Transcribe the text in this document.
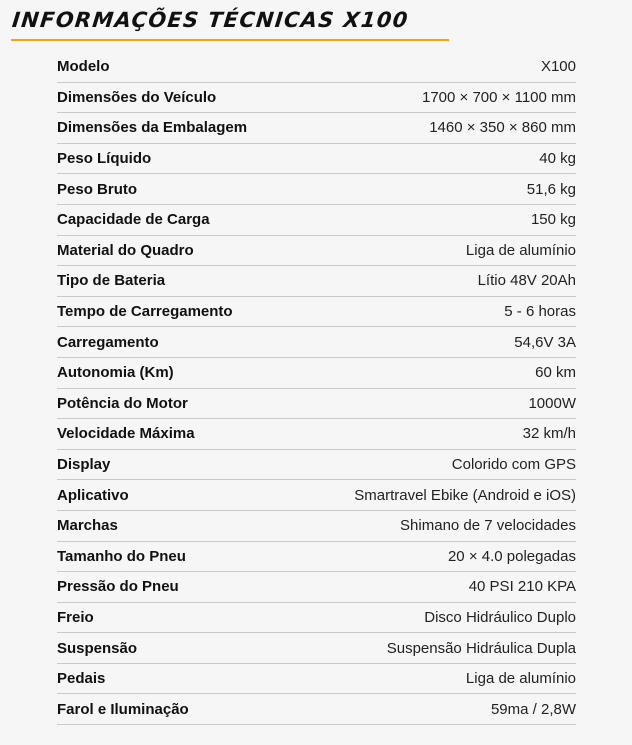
INFORMAÇÕES TÉCNICAS X100
Modelo	X100
Dimensões do Veículo	1700 × 700 × 1100 mm
Dimensões da Embalagem	1460 × 350 × 860 mm
Peso Líquido	40 kg
Peso Bruto	51,6 kg
Capacidade de Carga	150 kg
Material do Quadro	Liga de alumínio
Tipo de Bateria	Lítio 48V 20Ah
Tempo de Carregamento	5 - 6 horas
Carregamento	54,6V 3A
Autonomia (Km)	60 km
Potência do Motor	1000W
Velocidade Máxima	32 km/h
Display	Colorido com GPS
Aplicativo	Smartravel Ebike (Android e iOS)
Marchas	Shimano de 7 velocidades
Tamanho do Pneu	20 × 4.0 polegadas
Pressão do Pneu	40 PSI 210 KPA
Freio	Disco Hidráulico Duplo
Suspensão	Suspensão Hidráulica Dupla
Pedais	Liga de alumínio
Farol e Iluminação	59ma / 2,8W
